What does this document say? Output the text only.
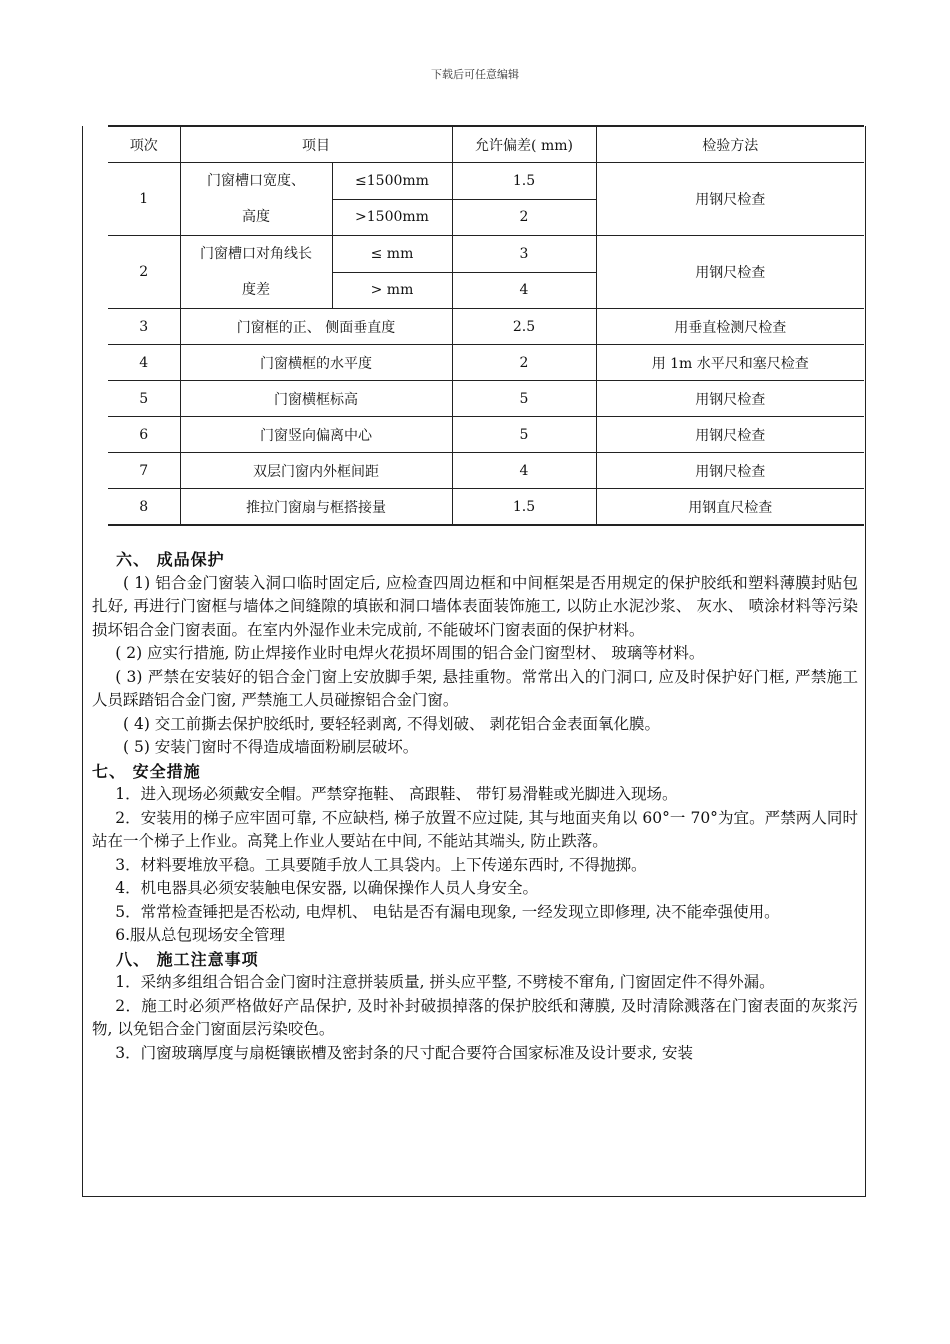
下载后可任意编辑
项次	项目		允许偏差( mm)	检验方法
1	门窗槽口宽度、
高度	≤1500mm	1.5	用钢尺检查
		>1500mm	2	
2	门窗槽口对角线长
度差	≤ mm	3	用钢尺检查
		> mm	4	
3	门窗框的正、 侧面垂直度		2.5	用垂直检测尺检查
4	门窗横框的水平度		2	用 1m 水平尺和塞尺检查
5	门窗横框标高		5	用钢尺检查
6	门窗竖向偏离中心		5	用钢尺检查
7	双层门窗内外框间距		4	用钢尺检查
8	推拉门窗扇与框搭接量		1.5	用钢直尺检查

六、 成品保护

( 1) 铝合金门窗装入洞口临时固定后, 应检查四周边框和中间框架是否用规定的保护胶纸和塑料薄膜封贴包扎好, 再进行门窗框与墙体之间缝隙的填嵌和洞口墙体表面装饰施工, 以防止水泥沙浆、 灰水、 喷涂材料等污染损坏铝合金门窗表面。在室内外湿作业未完成前, 不能破坏门窗表面的保护材料。

( 2) 应实行措施, 防止焊接作业时电焊火花损坏周围的铝合金门窗型材、 玻璃等材料。

( 3) 严禁在安装好的铝合金门窗上安放脚手架, 悬挂重物。常常出入的门洞口, 应及时保护好门框, 严禁施工人员踩踏铝合金门窗, 严禁施工人员碰擦铝合金门窗。

( 4) 交工前撕去保护胶纸时, 要轻轻剥离, 不得划破、 剥花铝合金表面氧化膜。

( 5) 安装门窗时不得造成墙面粉刷层破坏。

七、 安全措施

1．进入现场必须戴安全帽。严禁穿拖鞋、 高跟鞋、 带钉易滑鞋或光脚进入现场。

2．安装用的梯子应牢固可靠, 不应缺档, 梯子放置不应过陡, 其与地面夹角以 60°一 70°为宜。严禁两人同时站在一个梯子上作业。高凳上作业人要站在中间, 不能站其端头, 防止跌落。

3．材料要堆放平稳。工具要随手放人工具袋内。上下传递东西时, 不得抛掷。

4．机电器具必须安装触电保安器, 以确保操作人员人身安全。

5．常常检查锤把是否松动, 电焊机、 电钻是否有漏电现象, 一经发现立即修理, 决不能牵强使用。

6.服从总包现场安全管理

八、 施工注意事项

1．采纳多组组合铝合金门窗时注意拼装质量, 拼头应平整, 不劈棱不窜角, 门窗固定件不得外漏。

2．施工时必须严格做好产品保护, 及时补封破损掉落的保护胶纸和薄膜, 及时清除溅落在门窗表面的灰浆污物, 以免铝合金门窗面层污染咬色。

3．门窗玻璃厚度与扇梃镶嵌槽及密封条的尺寸配合要符合国家标准及设计要求, 安装
